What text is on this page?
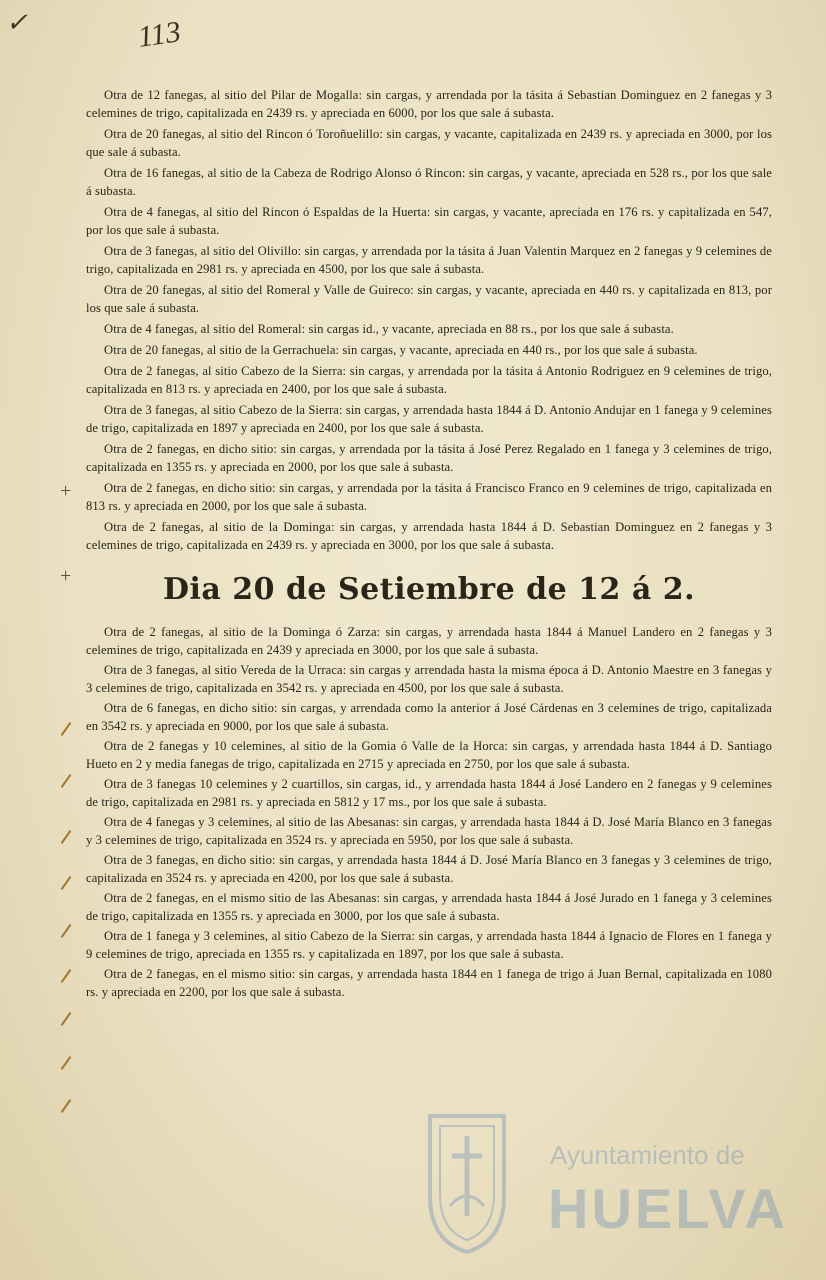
✓	113
+
+

Otra de 12 fanegas, al sitio del Pilar de Mogalla: sin cargas, y arrendada por la tásita á Sebastian Dominguez en 2 fanegas y 3 celemines de trigo, capitalizada en 2439 rs. y apreciada en 6000, por los que sale á subasta.

Otra de 20 fanegas, al sitio del Rincon ó Toroñuelillo: sin cargas, y vacante, capitalizada en 2439 rs. y apreciada en 3000, por los que sale á subasta.

Otra de 16 fanegas, al sitio de la Cabeza de Rodrigo Alonso ó Rincon: sin cargas, y vacante, apreciada en 528 rs., por los que sale á subasta.

Otra de 4 fanegas, al sitio del Rincon ó Espaldas de la Huerta: sin cargas, y vacante, apreciada en 176 rs. y capitalizada en 547, por los que sale á subasta.

Otra de 3 fanegas, al sitio del Olivillo: sin cargas, y arrendada por la tásita á Juan Valentin Marquez en 2 fanegas y 9 celemines de trigo, capitalizada en 2981 rs. y apreciada en 4500, por los que sale á subasta.

Otra de 20 fanegas, al sitio del Romeral y Valle de Guireco: sin cargas, y vacante, apreciada en 440 rs. y capitalizada en 813, por los que sale á subasta.

Otra de 4 fanegas, al sitio del Romeral: sin cargas id., y vacante, apreciada en 88 rs., por los que sale á subasta.

Otra de 20 fanegas, al sitio de la Gerrachuela: sin cargas, y vacante, apreciada en 440 rs., por los que sale á subasta.

Otra de 2 fanegas, al sitio Cabezo de la Sierra: sin cargas, y arrendada por la tásita á Antonio Rodriguez en 9 celemines de trigo, capitalizada en 813 rs. y apreciada en 2400, por los que sale á subasta.

Otra de 3 fanegas, al sitio Cabezo de la Sierra: sin cargas, y arrendada hasta 1844 á D. Antonio Andujar en 1 fanega y 9 celemines de trigo, capitalizada en 1897 y apreciada en 2400, por los que sale á subasta.

Otra de 2 fanegas, en dicho sitio: sin cargas, y arrendada por la tásita á José Perez Regalado en 1 fanega y 3 celemines de trigo, capitalizada en 1355 rs. y apreciada en 2000, por los que sale á subasta.

Otra de 2 fanegas, en dicho sitio: sin cargas, y arrendada por la tásita á Francisco Franco en 9 celemines de trigo, capitalizada en 813 rs. y apreciada en 2000, por los que sale á subasta.

Otra de 2 fanegas, al sitio de la Dominga: sin cargas, y arrendada hasta 1844 á D. Sebastian Dominguez en 2 fanegas y 3 celemines de trigo, capitalizada en 2439 rs. y apreciada en 3000, por los que sale á subasta.

Dia 20 de Setiembre de 12 á 2.

Otra de 2 fanegas, al sitio de la Dominga ó Zarza: sin cargas, y arrendada hasta 1844 á Manuel Landero en 2 fanegas y 3 celemines de trigo, capitalizada en 2439 y apreciada en 3000, por los que sale á subasta.

Otra de 3 fanegas, al sitio Vereda de la Urraca: sin cargas y arrendada hasta la misma época á D. Antonio Maestre en 3 fanegas y 3 celemines de trigo, capitalizada en 3542 rs. y apreciada en 4500, por los que sale á subasta.

Otra de 6 fanegas, en dicho sitio: sin cargas, y arrendada como la anterior á José Cárdenas en 3 celemines de trigo, capitalizada en 3542 rs. y apreciada en 9000, por los que sale á subasta.

Otra de 2 fanegas y 10 celemines, al sitio de la Gomia ó Valle de la Horca: sin cargas, y arrendada hasta 1844 á D. Santiago Hueto en 2 y media fanegas de trigo, capitalizada en 2715 y apreciada en 2750, por los que sale á subasta.

Otra de 3 fanegas 10 celemines y 2 cuartillos, sin cargas, id., y arrendada hasta 1844 á José Landero en 2 fanegas y 9 celemines de trigo, capitalizada en 2981 rs. y apreciada en 5812 y 17 ms., por los que sale á subasta.

Otra de 4 fanegas y 3 celemines, al sitio de las Abesanas: sin cargas, y arrendada hasta 1844 á D. José María Blanco en 3 fanegas y 3 celemines de trigo, capitalizada en 3524 rs. y apreciada en 5950, por los que sale á subasta.

Otra de 3 fanegas, en dicho sitio: sin cargas, y arrendada hasta 1844 á D. José María Blanco en 3 fanegas y 3 celemines de trigo, capitalizada en 3524 rs. y apreciada en 4200, por los que sale á subasta.

Otra de 2 fanegas, en el mismo sitio de las Abesanas: sin cargas, y arrendada hasta 1844 á José Jurado en 1 fanega y 3 celemines de trigo, capitalizada en 1355 rs. y apreciada en 3000, por los que sale á subasta.

Otra de 1 fanega y 3 celemines, al sitio Cabezo de la Sierra: sin cargas, y arrendada hasta 1844 á Ignacio de Flores en 1 fanega y 9 celemines de trigo, apreciada en 1355 rs. y capitalizada en 1897, por los que sale á subasta.

Otra de 2 fanegas, en el mismo sitio: sin cargas, y arrendada hasta 1844 en 1 fanega de trigo á Juan Bernal, capitalizada en 1080 rs. y apreciada en 2200, por los que sale á subasta.

Ayuntamiento de
HUELVA
